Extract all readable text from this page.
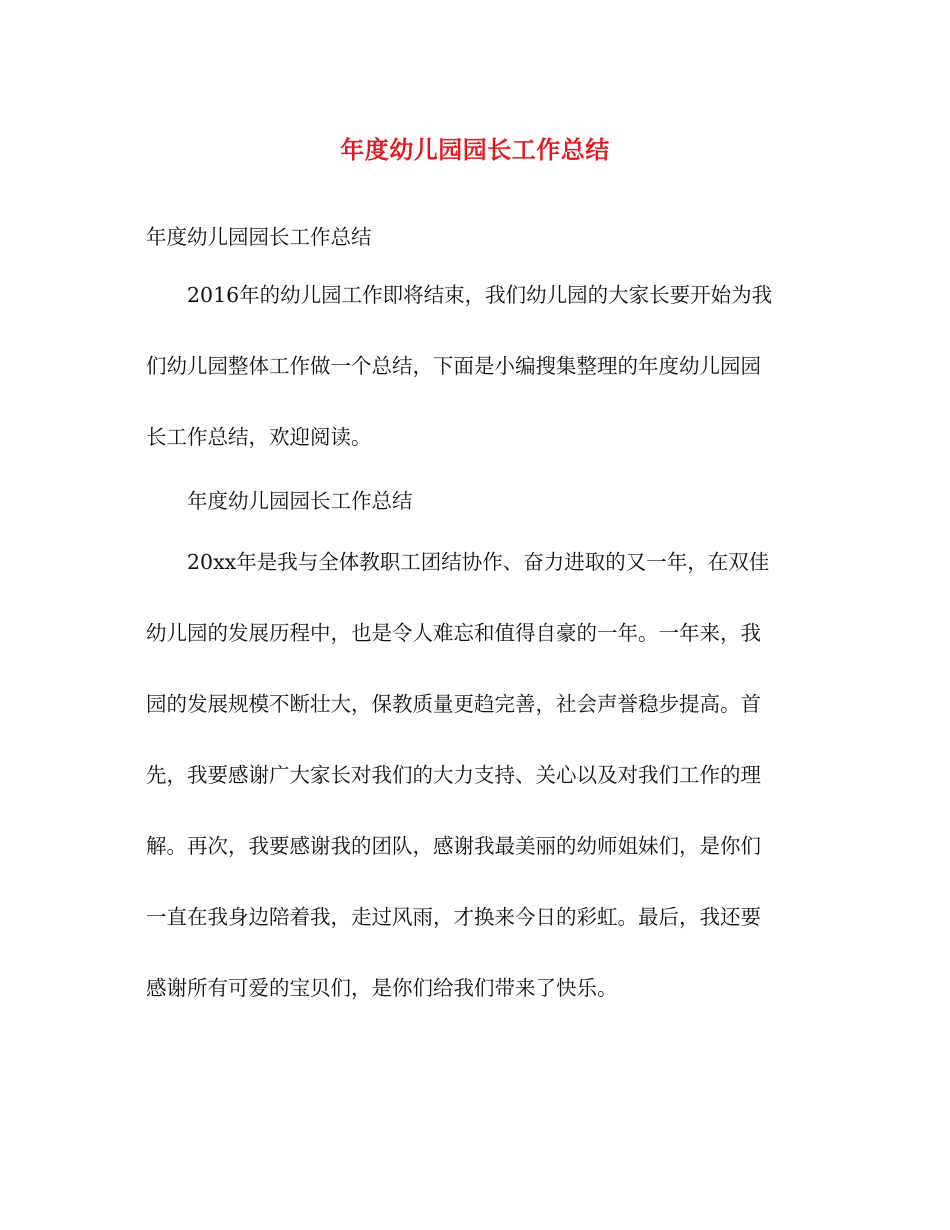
年度幼儿园园长工作总结
年度幼儿园园长工作总结
2016年的幼儿园工作即将结束，我们幼儿园的大家长要开始为我
们幼儿园整体工作做一个总结，下面是小编搜集整理的年度幼儿园园
长工作总结，欢迎阅读。
年度幼儿园园长工作总结
20xx年是我与全体教职工团结协作、奋力进取的又一年，在双佳
幼儿园的发展历程中，也是令人难忘和值得自豪的一年。一年来，我
园的发展规模不断壮大，保教质量更趋完善，社会声誉稳步提高。首
先，我要感谢广大家长对我们的大力支持、关心以及对我们工作的理
解。再次，我要感谢我的团队，感谢我最美丽的幼师姐妹们，是你们
一直在我身边陪着我，走过风雨，才换来今日的彩虹。最后，我还要
感谢所有可爱的宝贝们，是你们给我们带来了快乐。
